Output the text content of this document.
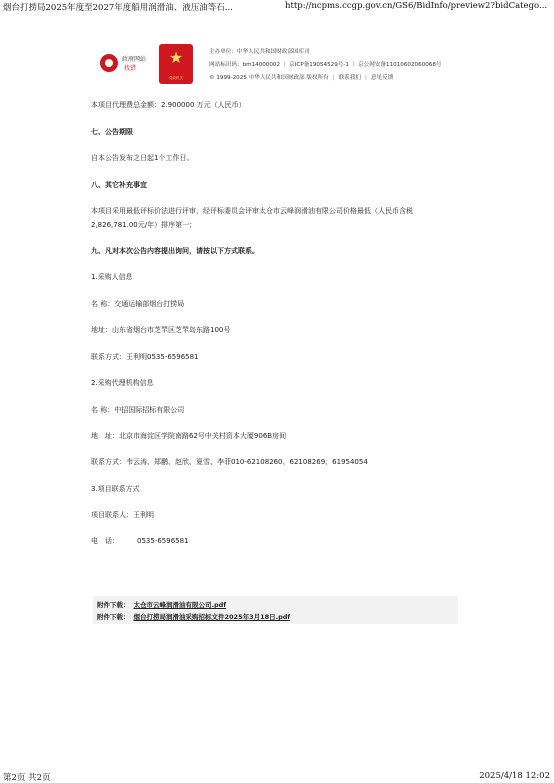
烟台打捞局2025年度至2027年度船用润滑油、液压油等石...	http://ncpms.ccgp.gov.cn/GS6/BidInfo/preview2?bidCatego...
政府网站
找错
★
党政机关
主办单位：中华人民共和国财政部国库司
网站标识码：bm14000002 ｜ 京ICP备19054529号-1 ｜ 京公网安备11010602060068号
© 1999-2025 中华人民共和国财政部 版权所有 | 联系我们 | 意见反馈
本项目代理费总金额：2.900000 万元（人民币）
七、公告期限
自本公告发布之日起1个工作日。
八、其它补充事宜
本项目采用最低评标价法进行评审，经评标委员会评审太仓市云峰润滑油有限公司价格最低（人民币含税
2,826,781.00元/年）排序第一；
九、凡对本次公告内容提出询问，请按以下方式联系。
1.采购人信息
名 称：交通运输部烟台打捞局
地址：山东省烟台市芝罘区芝罘岛东路100号
联系方式：王利明0535-6596581
2.采购代理机构信息
名 称：中招国际招标有限公司
地　址：北京市海淀区学院南路62号中关村资本大厦906B房间
联系方式：韦云涛、郑鹏、赵欣、夏雪、李菲010-62108260、62108269、61954054
3.项目联系方式
项目联系人：王利明
电　话：	0535-6596581
附件下载： 太仓市云峰润滑油有限公司.pdf
附件下载： 烟台打捞局润滑油采购招标文件2025年3月18日.pdf
第2页 共2页	2025/4/18 12:02
